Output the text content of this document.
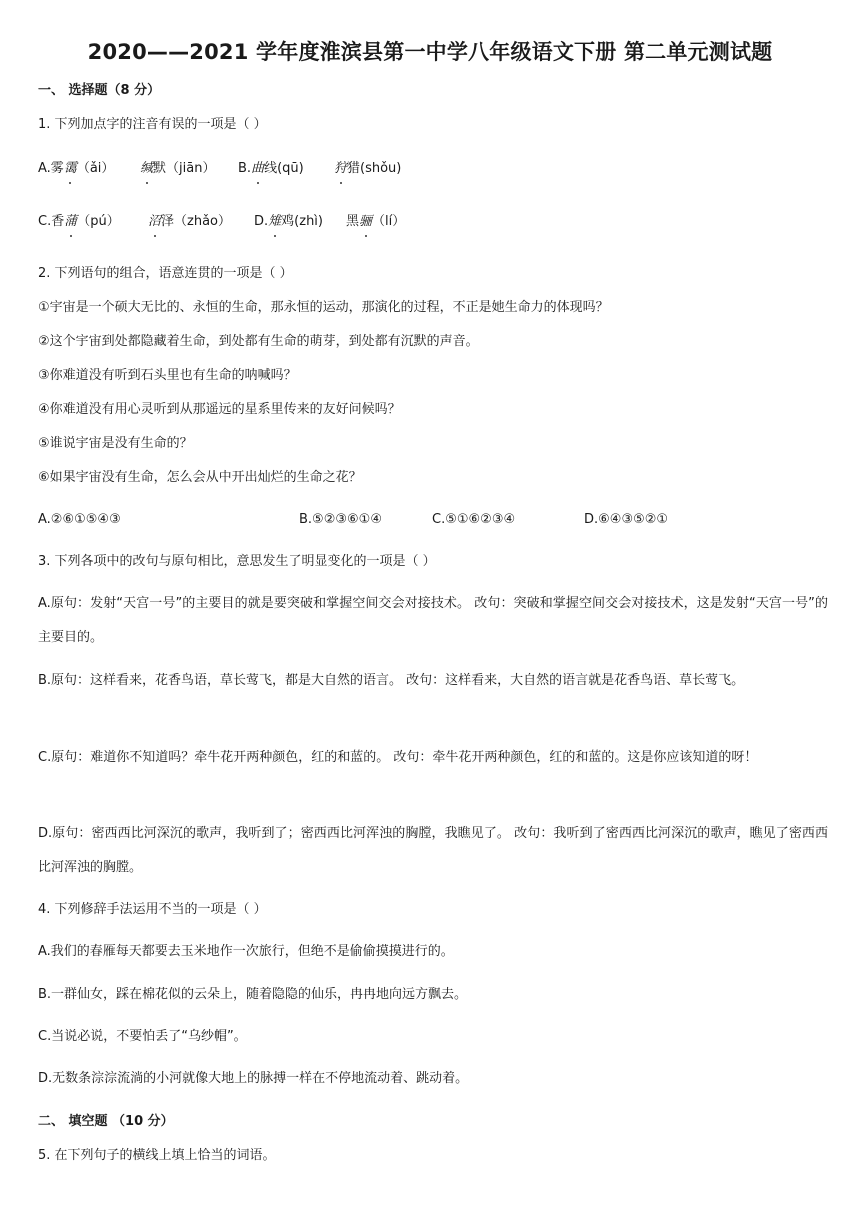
2020——2021 学年度淮滨县第一中学八年级语文下册 第二单元测试题
一、 选择题（8 分）
1. 下列加点字的注音有误的一项是（ ）
A.雾霭（ǎi） 缄默（jiān） B.曲线(qū) 狩猎(shǒu)
C.香蒲（pú） 沼泽（zhǎo） D.雉鸡(zhì) 黑骊（lí）
2. 下列语句的组合，语意连贯的一项是（ ）
①宇宙是一个硕大无比的、永恒的生命，那永恒的运动，那演化的过程，不正是她生命力的体现吗？
②这个宇宙到处都隐藏着生命，到处都有生命的萌芽，到处都有沉默的声音。
③你难道没有听到石头里也有生命的呐喊吗？
④你难道没有用心灵听到从那遥远的星系里传来的友好问候吗？
⑤谁说宇宙是没有生命的？
⑥如果宇宙没有生命，怎么会从中开出灿烂的生命之花？
A.②⑥①⑤④③	B.⑤②③⑥①④	C.⑤①⑥②③④	D.⑥④③⑤②①
3. 下列各项中的改句与原句相比，意思发生了明显变化的一项是（ ）
A.原句：发射“天宫一号”的主要目的就是要突破和掌握空间交会对接技术。 改句：突破和掌握空间交会对接技术，这是发射“天宫一号”的主要目的。
B.原句：这样看来，花香鸟语，草长莺飞，都是大自然的语言。 改句：这样看来，大自然的语言就是花香鸟语、草长莺飞。
C.原句：难道你不知道吗？牵牛花开两种颜色，红的和蓝的。 改句：牵牛花开两种颜色，红的和蓝的。这是你应该知道的呀！
D.原句：密西西比河深沉的歌声，我听到了；密西西比河浑浊的胸膛，我瞧见了。 改句：我听到了密西西比河深沉的歌声，瞧见了密西西比河浑浊的胸膛。
4. 下列修辞手法运用不当的一项是（ ）
A.我们的春雁每天都要去玉米地作一次旅行，但绝不是偷偷摸摸进行的。
B.一群仙女，踩在棉花似的云朵上，随着隐隐的仙乐，冉冉地向远方飘去。
C.当说必说，不要怕丢了“乌纱帽”。
D.无数条淙淙流淌的小河就像大地上的脉搏一样在不停地流动着、跳动着。
二、 填空题 （10 分）
5. 在下列句子的横线上填上恰当的词语。
